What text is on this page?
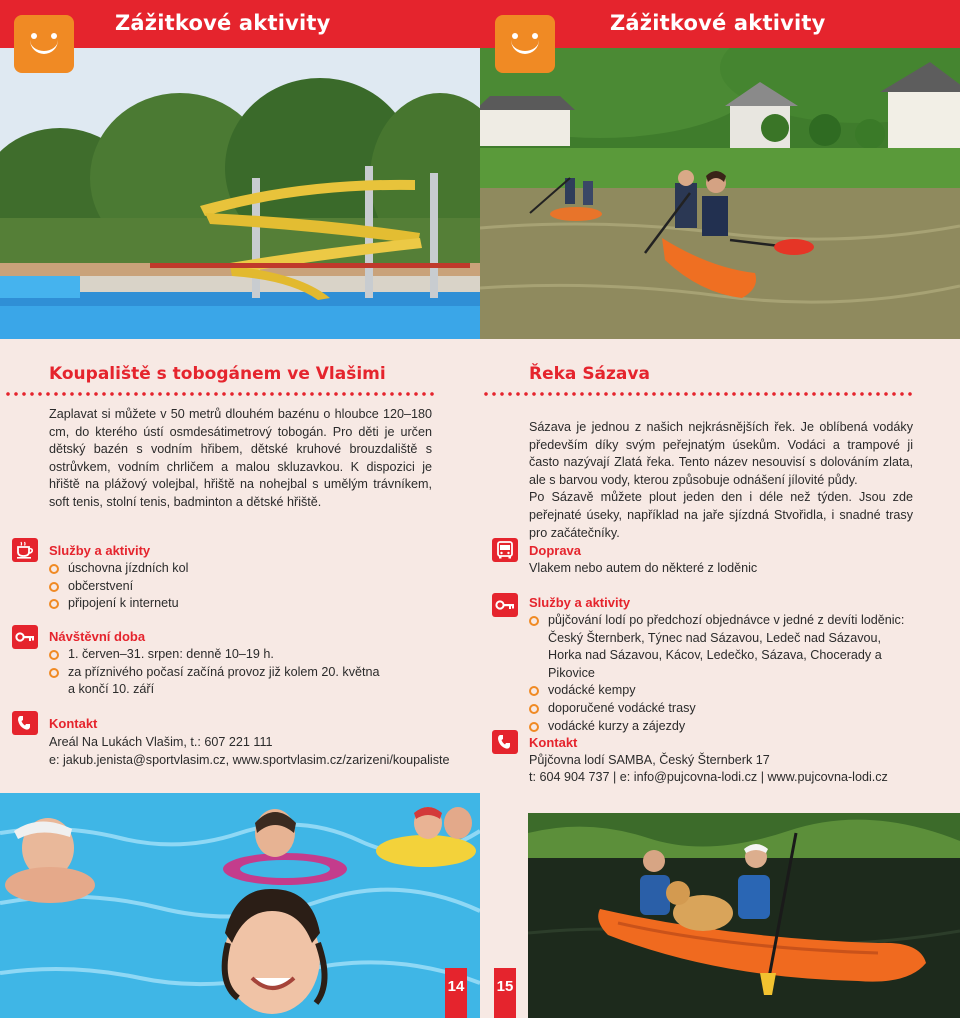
Zážitkové aktivity
Koupaliště s tobogánem ve Vlašimi

Zaplavat si můžete v 50 metrů dlouhém bazénu o hloubce 120–180 cm, do kterého ústí osmdesátimetrový tobogán. Pro děti je určen dětský bazén s vodním hřibem, dětské kruhové brouzdaliště s ostrůvkem, vodním chrličem a malou skluzavkou. K dispozici je hřiště na plážový volejbal, hřiště na nohejbal s umělým trávníkem, soft tenis, stolní tenis, badminton a dětské hřiště.

Služby a aktivity
úschovna jízdních kol
občerstvení
připojení k internetu
Návštěvní doba
1. červen–31. srpen: denně 10–19 h.
za příznivého počasí začíná provoz již kolem 20. května a končí 10. září
Kontakt
Areál Na Lukách Vlašim, t.: 607 221 111
e: jakub.jenista@sportvlasim.cz, www.sportvlasim.cz/zarizeni/koupaliste
14
Zážitkové aktivity
Řeka Sázava

Sázava je jednou z našich nejkrásnějších řek. Je oblíbená vodáky především díky svým peřejnatým úsekům. Vodáci a trampové ji často nazývají Zlatá řeka. Tento název nesouvisí s dolováním zlata, ale s barvou vody, kterou způsobuje odnášení jílovité půdy.

Po Sázavě můžete plout jeden den i déle než týden. Jsou zde peřejnaté úseky, například na jaře sjízdná Stvořidla, i snadné trasy pro začátečníky.

Doprava
Vlakem nebo autem do některé z loděnic
Služby a aktivity
půjčování lodí po předchozí objednávce v jedné z devíti loděnic: Český Šternberk, Týnec nad Sázavou, Ledeč nad Sázavou, Horka nad Sázavou, Kácov, Ledečko, Sázava, Chocerady a Pikovice
vodácké kempy
doporučené vodácké trasy
vodácké kurzy a zájezdy
Kontakt
Půjčovna lodí SAMBA, Český Šternberk 17
t: 604 904 737 | e: info@pujcovna-lodi.cz | www.pujcovna-lodi.cz
15
